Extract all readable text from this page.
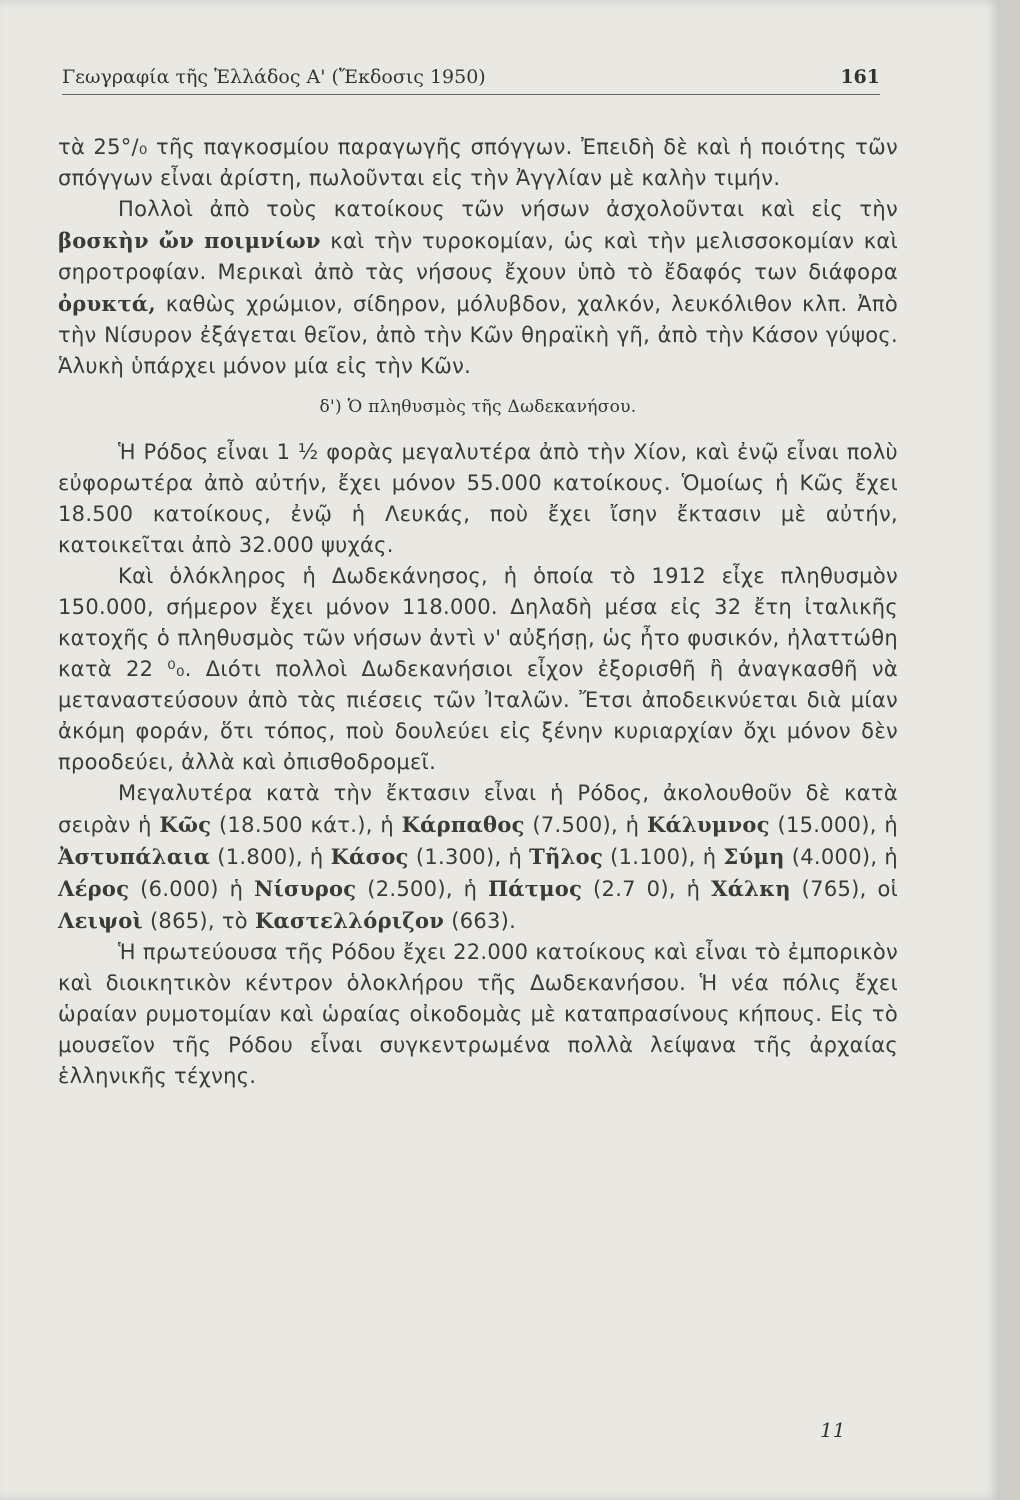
Γεωγραφία τῆς Ἑλλάδος Α' (Ἔκδοσις 1950)	161

τὰ 25°/₀ τῆς παγκοσμίου παραγωγῆς σπόγγων. Ἐπειδὴ δὲ καὶ ἡ ποιότης τῶν σπόγγων εἶναι ἀρίστη, πωλοῦνται εἰς τὴν Ἀγγλίαν μὲ καλὴν τιμήν.

Πολλοὶ ἀπὸ τοὺς κατοίκους τῶν νήσων ἀσχολοῦνται καὶ εἰς τὴν βοσκὴν ὤν ποιμνίων καὶ τὴν τυροκομίαν, ὡς καὶ τὴν μελισσοκομίαν καὶ σηροτροφίαν. Μερικαὶ ἀπὸ τὰς νήσους ἔχουν ὑπὸ τὸ ἔδαφός των διάφορα ὀρυκτά, καθὼς χρώμιον, σίδηρον, μόλυβδον, χαλκόν, λευκόλιθον κλπ. Ἀπὸ τὴν Νίσυρον ἐξάγεται θεῖον, ἀπὸ τὴν Κῶν θηραϊκὴ γῆ, ἀπὸ τὴν Κάσον γύψος. Ἁλυκὴ ὑπάρχει μόνον μία εἰς τὴν Κῶν.

δ') Ὁ πληθυσμὸς τῆς Δωδεκανήσου.

Ἡ Ρόδος εἶναι 1 ½ φορὰς μεγαλυτέρα ἀπὸ τὴν Χίον, καὶ ἐνῷ εἶναι πολὺ εὐφορωτέρα ἀπὸ αὐτήν, ἔχει μόνον 55.000 κατοίκους. Ὁμοίως ἡ Κῶς ἔχει 18.500 κατοίκους, ἐνῷ ἡ Λευκάς, ποὺ ἔχει ἴσην ἔκτασιν μὲ αὐτήν, κατοικεῖται ἀπὸ 32.000 ψυχάς.

Καὶ ὁλόκληρος ἡ Δωδεκάνησος, ἡ ὁποία τὸ 1912 εἶχε πληθυσμὸν 150.000, σήμερον ἔχει μόνον 118.000. Δηλαδὴ μέσα εἰς 32 ἔτη ἰταλικῆς κατοχῆς ὁ πληθυσμὸς τῶν νήσων ἀντὶ ν' αὐξήσῃ, ὡς ἦτο φυσικόν, ἠλαττώθη κατὰ 22 ⁰₀. Διότι πολλοὶ Δωδεκανήσιοι εἶχον ἐξορισθῆ ἢ ἀναγκασθῆ νὰ μεταναστεύσουν ἀπὸ τὰς πιέσεις τῶν Ἰταλῶν. Ἔτσι ἀποδεικνύεται διὰ μίαν ἀκόμη φοράν, ὅτι τόπος, ποὺ δουλεύει εἰς ξένην κυριαρχίαν ὄχι μόνον δὲν προοδεύει, ἀλλὰ καὶ ὀπισθοδρομεῖ.

Μεγαλυτέρα κατὰ τὴν ἔκτασιν εἶναι ἡ Ρόδος, ἀκολουθοῦν δὲ κατὰ σειρὰν ἡ Κῶς (18.500 κάτ.), ἡ Κάρπαθος (7.500), ἡ Κάλυμνος (15.000), ἡ Ἀστυπάλαια (1.800), ἡ Κάσος (1.300), ἡ Τῆλος (1.100), ἡ Σύμη (4.000), ἡ Λέρος (6.000) ἡ Νίσυρος (2.500), ἡ Πάτμος (2.7 0), ἡ Χάλκη (765), οἱ Λειψοὶ (865), τὸ Καστελλόριζον (663).

Ἡ πρωτεύουσα τῆς Ρόδου ἔχει 22.000 κατοίκους καὶ εἶναι τὸ ἐμπορικὸν καὶ διοικητικὸν κέντρον ὁλοκλήρου τῆς Δωδεκανήσου. Ἡ νέα πόλις ἔχει ὡραίαν ρυμοτομίαν καὶ ὡραίας οἰκοδομὰς μὲ καταπρασίνους κήπους. Εἰς τὸ μουσεῖον τῆς Ρόδου εἶναι συγκεντρωμένα πολλὰ λείψανα τῆς ἀρχαίας ἑλληνικῆς τέχνης.

11
